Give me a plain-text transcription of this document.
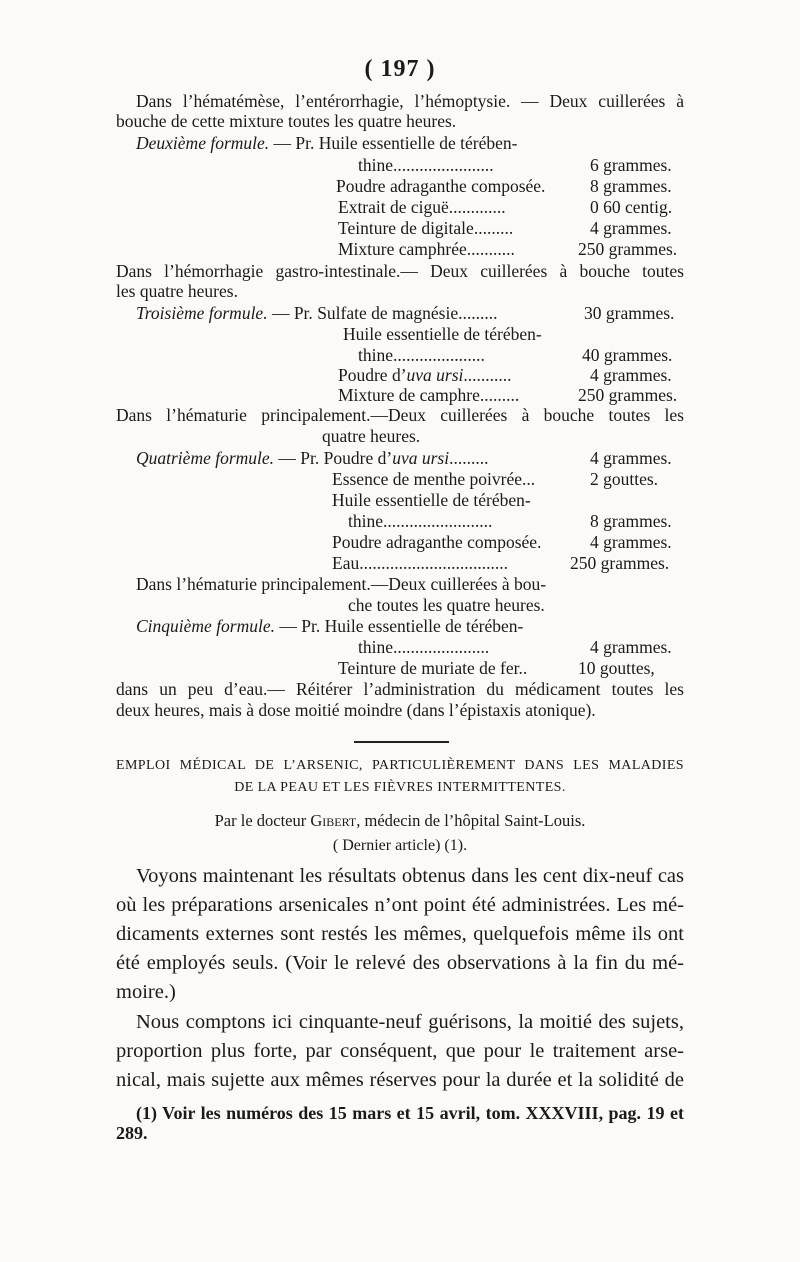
( 197 )
Dans l’hématémèse, l’entérorrhagie, l’hémoptysie. — Deux cuillerées à
bouche de cette mixture toutes les quatre heures.
Deuxième formule. — Pr. Huile essentielle de térében-
thine.......................	6 grammes.
Poudre adraganthe composée.	8 grammes.
Extrait de ciguë.............	0 60 centig.
Teinture de digitale.........	4 grammes.
Mixture camphrée...........	250 grammes.
Dans l’hémorrhagie gastro-intestinale.— Deux cuillerées à bouche toutes
les quatre heures.
Troisième formule. — Pr. Sulfate de magnésie.........	30 grammes.
Huile essentielle de térében-
thine.....................	40 grammes.
Poudre d’uva ursi...........	4 grammes.
Mixture de camphre.........	250 grammes.
Dans l’hématurie principalement.—Deux cuillerées à bouche toutes les
quatre heures.
Quatrième formule. — Pr. Poudre d’uva ursi.........	4 grammes.
Essence de menthe poivrée...	2 gouttes.
Huile essentielle de térében-
thine.........................	8 grammes.
Poudre adraganthe composée.	4 grammes.
Eau..................................	250 grammes.
Dans l’hématurie principalement.—Deux cuillerées à bou-
che toutes les quatre heures.
Cinquième formule. — Pr. Huile essentielle de térében-
thine......................	4 grammes.
Teinture de muriate de fer..	10 gouttes,
dans un peu d’eau.— Réitérer l’administration du médicament toutes les
deux heures, mais à dose moitié moindre (dans l’épistaxis atonique).
EMPLOI MÉDICAL DE L’ARSENIC, PARTICULIÈREMENT DANS LES MALADIES
DE LA PEAU ET LES FIÈVRES INTERMITTENTES.
Par le docteur Gibert, médecin de l’hôpital Saint-Louis.
( Dernier article) (1).
Voyons maintenant les résultats obtenus dans les cent dix-neuf cas
où les préparations arsenicales n’ont point été administrées. Les mé-
dicaments externes sont restés les mêmes, quelquefois même ils ont
été employés seuls. (Voir le relevé des observations à la fin du mé-
moire.)
Nous comptons ici cinquante-neuf guérisons, la moitié des sujets,
proportion plus forte, par conséquent, que pour le traitement arse-
nical, mais sujette aux mêmes réserves pour la durée et la solidité de
(1) Voir les numéros des 15 mars et 15 avril, tom. XXXVIII, pag. 19 et
289.
